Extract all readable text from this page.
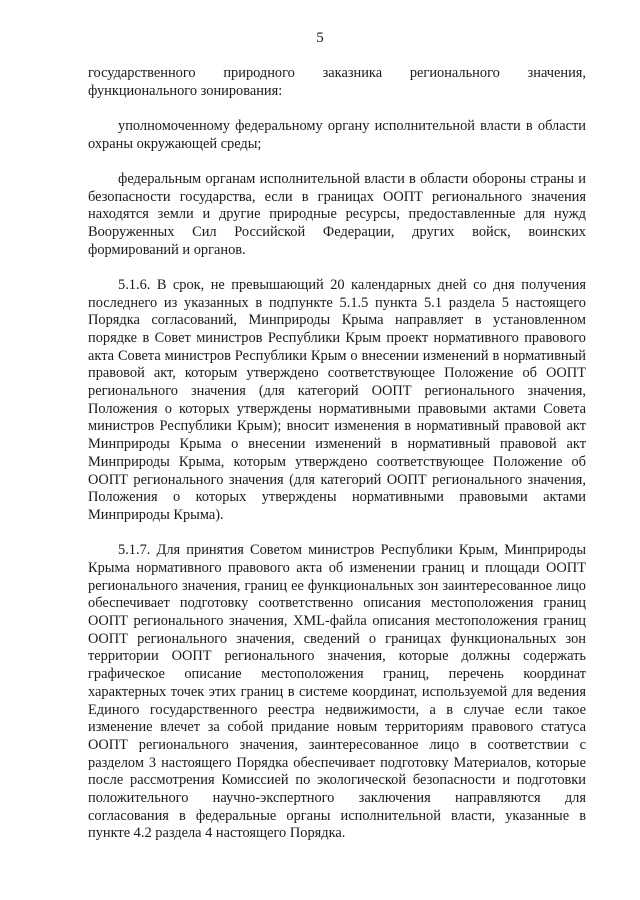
5

государственного природного заказника регионального значения, функционального зонирования:

уполномоченному федеральному органу исполнительной власти в области охраны окружающей среды;

федеральным органам исполнительной власти в области обороны страны и безопасности государства, если в границах ООПТ регионального значения находятся земли и другие природные ресурсы, предоставленные для нужд Вооруженных Сил Российской Федерации, других войск, воинских формирований и органов.

5.1.6. В срок, не превышающий 20 календарных дней со дня получения последнего из указанных в подпункте 5.1.5 пункта 5.1 раздела 5 настоящего Порядка согласований, Минприроды Крыма направляет в установленном порядке в Совет министров Республики Крым проект нормативного правового акта Совета министров Республики Крым о внесении изменений в нормативный правовой акт, которым утверждено соответствующее Положение об ООПТ регионального значения (для категорий ООПТ регионального значения, Положения о которых утверждены нормативными правовыми актами Совета министров Республики Крым); вносит изменения в нормативный правовой акт Минприроды Крыма о внесении изменений в нормативный правовой акт Минприроды Крыма, которым утверждено соответствующее Положение об ООПТ регионального значения (для категорий ООПТ регионального значения, Положения о которых утверждены нормативными правовыми актами Минприроды Крыма).

5.1.7. Для принятия Советом министров Республики Крым, Минприроды Крыма нормативного правового акта об изменении границ и площади ООПТ регионального значения, границ ее функциональных зон заинтересованное лицо обеспечивает подготовку соответственно описания местоположения границ ООПТ регионального значения, XML-файла описания местоположения границ ООПТ регионального значения, сведений о границах функциональных зон территории ООПТ регионального значения, которые должны содержать графическое описание местоположения границ, перечень координат характерных точек этих границ в системе координат, используемой для ведения Единого государственного реестра недвижимости, а в случае если такое изменение влечет за собой придание новым территориям правового статуса ООПТ регионального значения, заинтересованное лицо в соответствии с разделом 3 настоящего Порядка обеспечивает подготовку Материалов, которые после рассмотрения Комиссией по экологической безопасности и подготовки положительного научно-экспертного заключения направляются для согласования в федеральные органы исполнительной власти, указанные в пункте 4.2 раздела 4 настоящего Порядка.
